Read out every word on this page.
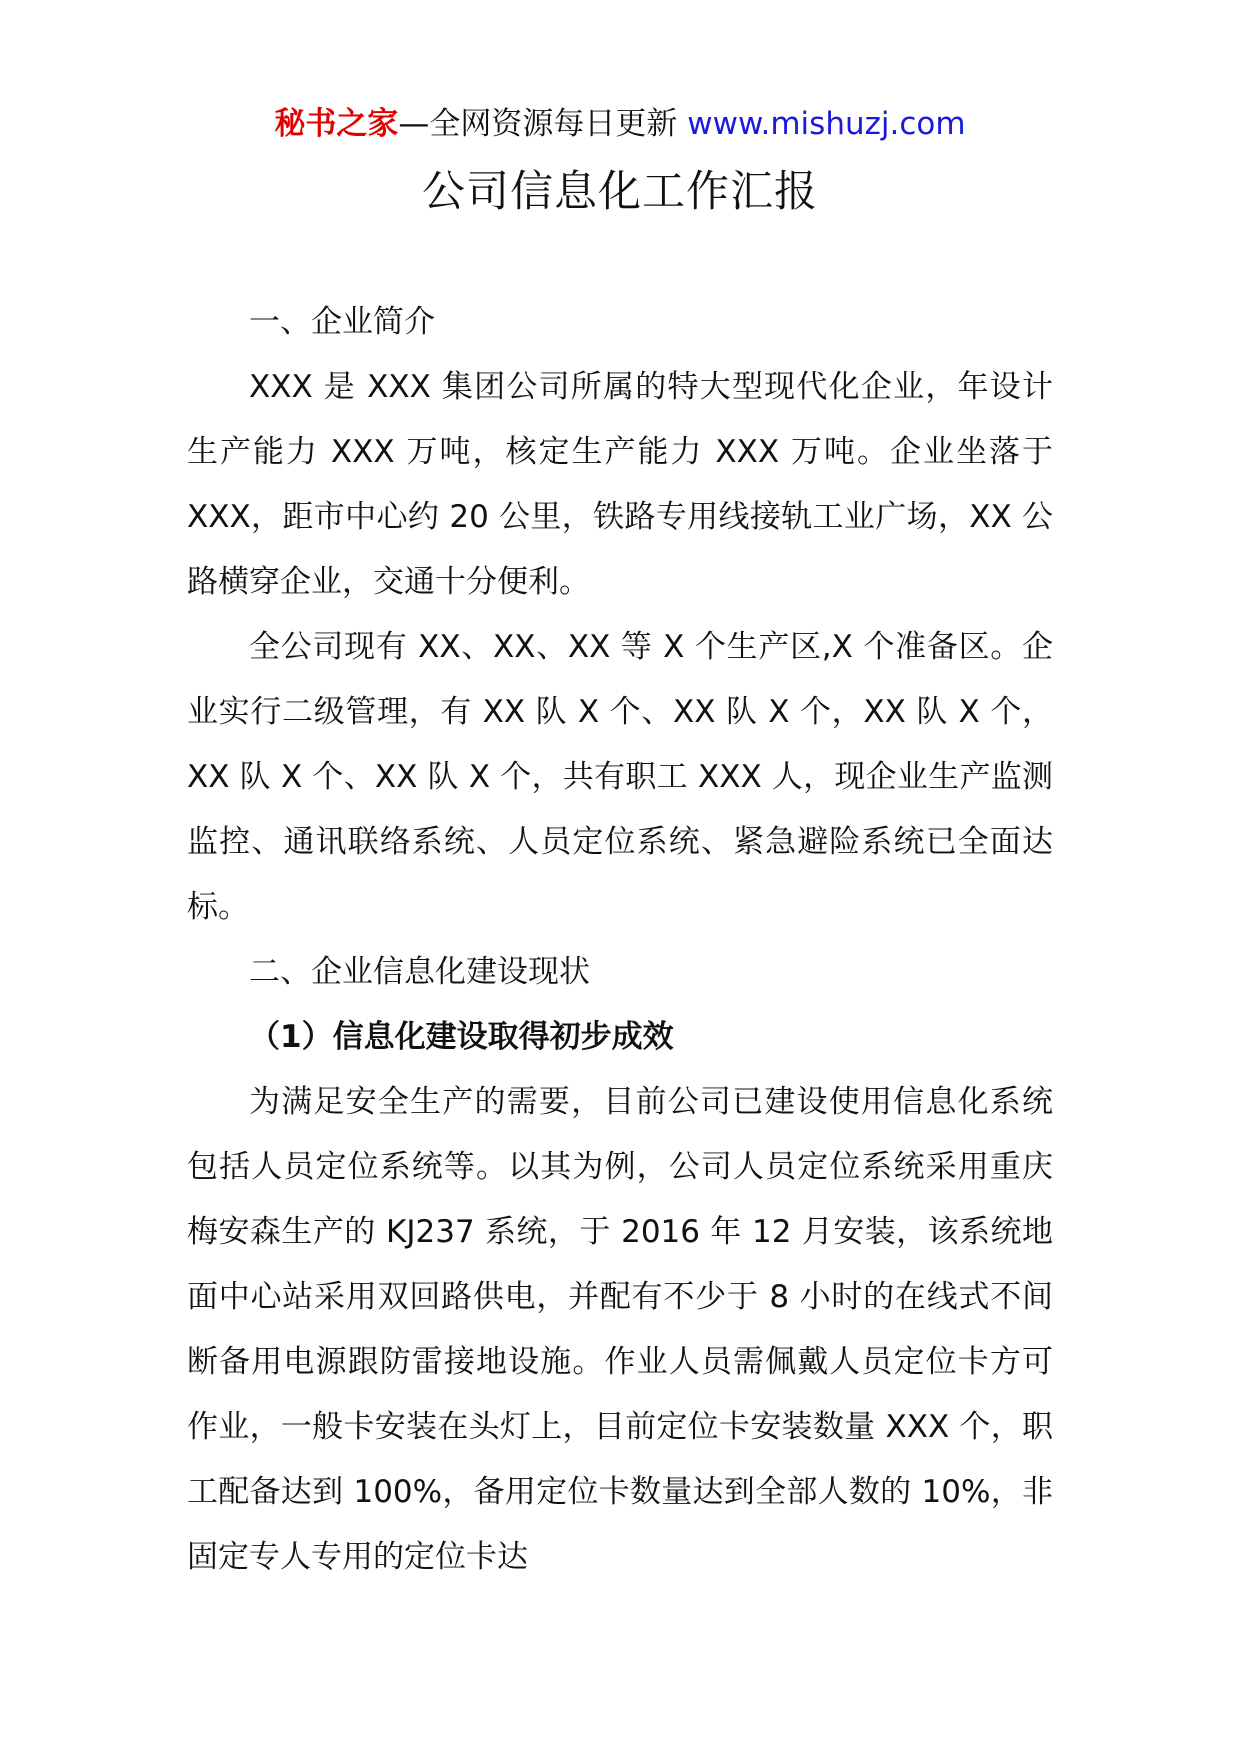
秘书之家—全网资源每日更新 www.mishuzj.com
公司信息化工作汇报

一、企业简介

XXX 是 XXX 集团公司所属的特大型现代化企业，年设计生产能力 XXX 万吨，核定生产能力 XXX 万吨。企业坐落于 XXX，距市中心约 20 公里，铁路专用线接轨工业广场，XX 公路横穿企业，交通十分便利。

全公司现有 XX、XX、XX 等 X 个生产区,X 个准备区。企业实行二级管理，有 XX 队 X 个、XX 队 X 个，XX 队 X 个，XX 队 X 个、XX 队 X 个，共有职工 XXX 人，现企业生产监测监控、通讯联络系统、人员定位系统、紧急避险系统已全面达标。

二、企业信息化建设现状

（1）信息化建设取得初步成效

为满足安全生产的需要，目前公司已建设使用信息化系统包括人员定位系统等。以其为例，公司人员定位系统采用重庆梅安森生产的 KJ237 系统，于 2016 年 12 月安装，该系统地面中心站采用双回路供电，并配有不少于 8 小时的在线式不间断备用电源跟防雷接地设施。作业人员需佩戴人员定位卡方可作业，一般卡安装在头灯上，目前定位卡安装数量 XXX 个，职工配备达到 100%，备用定位卡数量达到全部人数的 10%，非固定专人专用的定位卡达
